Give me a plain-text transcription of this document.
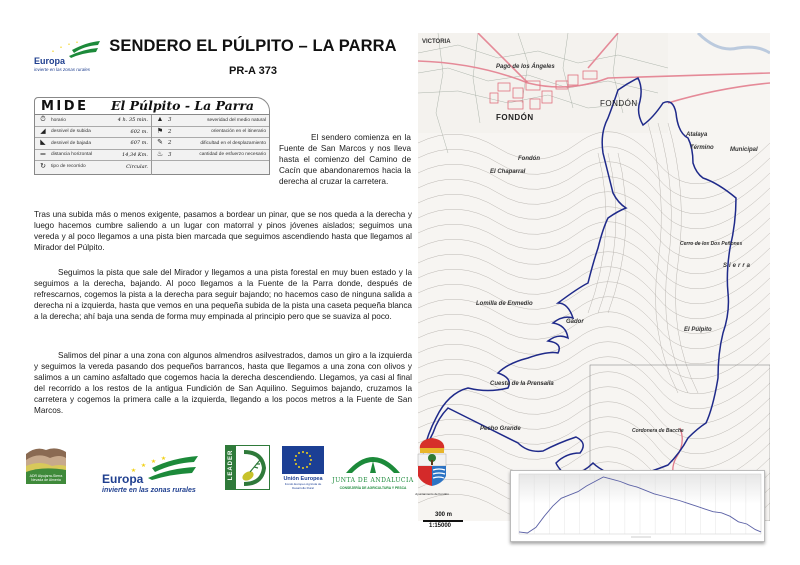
Europa
invierte en las zonas rurales
SENDERO EL PÚLPITO – LA PARRA
PR-A 373
MIDE El Púlpito - La Parra
⏱	horario	4 h. 35 min.
◢	desnivel de subida	602 m.
◣	desnivel de bajada	607 m.
═	distancia horizontal	14,34 Km.
↻	tipo de recorrido	Circular.
▲ 3	severidad del medio natural
⚑ 2	orientación en el itinerario
✎ 2	dificultad en el desplazamiento
♨ 3	cantidad de esfuerzo necesario

El sendero comienza en la Fuente de San Marcos y nos lleva hasta el comienzo del Camino de Cacín que abandonaremos hacia la derecha al cruzar la carretera.

Tras una subida más o menos exigente, pasamos a bordear un pinar, que se nos queda a la derecha y luego hacemos cumbre saliendo a un lugar con matorral y pinos jóvenes aislados; seguimos una vereda y al poco llegamos a una pista bien marcada que seguimos ascendiendo hasta que llegamos al Mirador del Púlpito.

Seguimos la pista que sale del Mirador y llegamos a una pista forestal en muy buen estado y la seguimos a la derecha, bajando. Al poco llegamos a la Fuente de la Parra donde, después de refrescarnos, cogemos la pista a la derecha para seguir bajando; no hacemos caso de ninguna salida a derecha ni a izquierda, hasta que vemos en una pequeña subida de la pista una caseta pequeña blanca a la derecha; ahí baja una senda de forma muy empinada al principio pero que se suaviza al poco.

Salimos del pinar a una zona con algunos almendros asilvestrados, damos un giro a la izquierda y seguimos la vereda pasando dos pequeños barrancos, hasta que llegamos a una zona con olivos y salimos a un camino asfaltado que cogemos hacia la derecha descendiendo. Llegamos, ya casi al final del recorrido a los restos de la antigua Fundición de San Aquilino. Seguimos bajando, cruzamos la carretera y cogemos la primera calle a la izquierda, llegando a los pocos metros a la Fuente de San Marcos.

VICTORIA
Pago de los Ángeles
FONDÓN
FONDÓN
Fondón
El Chaparral
Atalaya
Término	Municipal
Cerro de los Dos Peñones
Sierra
Lomilla de Enmedio
Gádor
El Púlpito
Cuesta de la Prensaíla
Pecho Grande	Cordonera de Bacche
Ayuntamiento de Fondón
300 m
1:15000
ADR Alpujarra-Sierra Nevada de Almería	Europa
invierte en las zonas rurales
LEADER	Unión Europea
Fondo Europeo Agrícola de Desarrollo Rural
JUNTA DE ANDALUCIA
CONSEJERÍA DE AGRICULTURA Y PESCA
